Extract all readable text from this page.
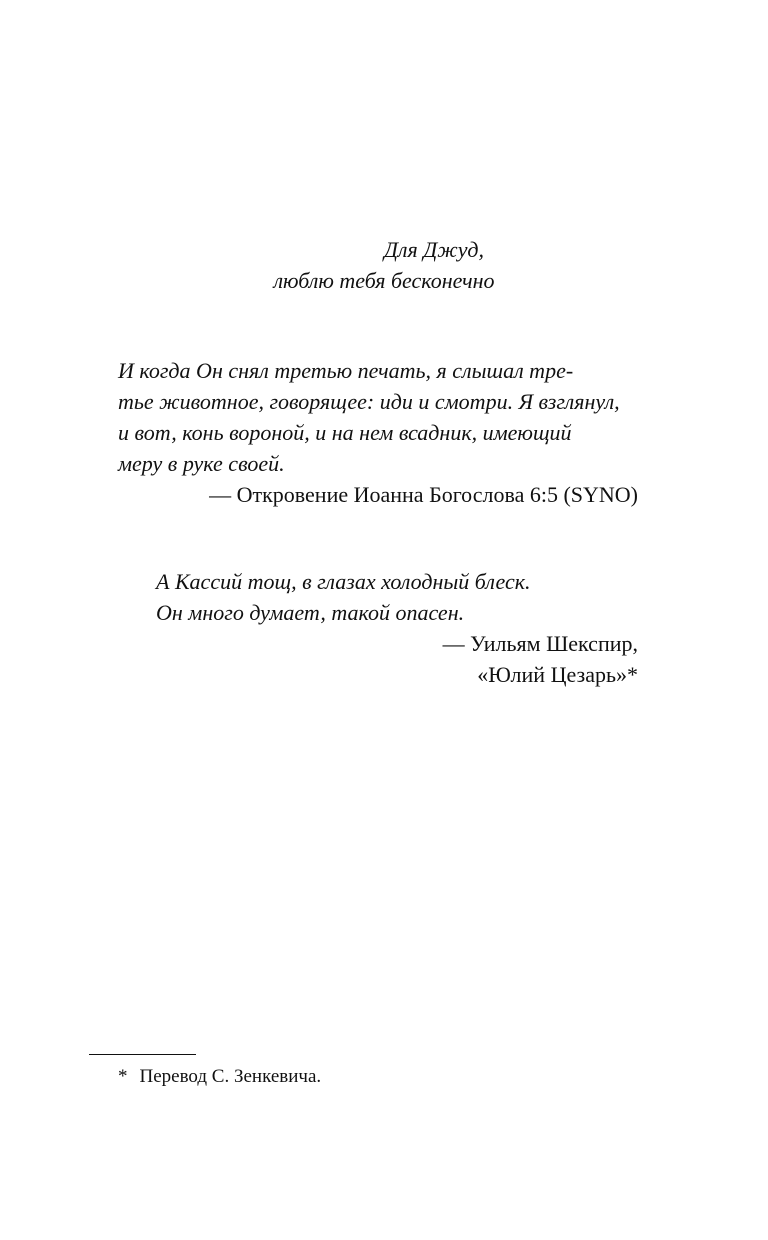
Для Джуд,
люблю тебя бесконечно

И когда Он снял третью печать, я слышал тре-
тье животное, говорящее: иди и смотри. Я взглянул,
и вот, конь вороной, и на нем всадник, имеющий
меру в руке своей.

— Откровение Иоанна Богослова 6:5 (SYNO)

А Кассий тощ, в глазах холодный блеск.

Он много думает, такой опасен.

— Уильям Шекспир,

«Юлий Цезарь»*

* Перевод С. Зенкевича.
